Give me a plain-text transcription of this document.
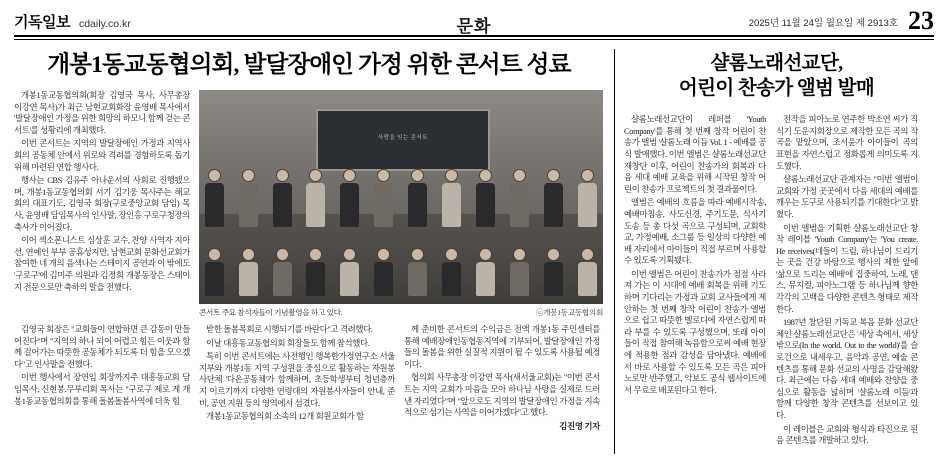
기독일보 cdaily.co.kr	문화	2025년 11월 24일 월요일 제 2913호 23
개봉1동교동협의회, 발달장애인 가정 위한 콘서트 성료

개봉1동교동협의회(회장 김영국 목사, 사무총장 이강연 목사)가 최근 남현교회화장 윤영배 목사에서 '발달장애인 가정을 위한 희망의 하모니 함께 걷는 콘서트'를 성황리에 개최했다.

이번 콘서트는 지역의 발달장애인 가정과 지역사회의 공동체 안에서 위로와 격려를 경험하도록 돕기 위해 마련된 연합 행사다.

행사는 CBS 김유주 아나운서의 사회로 진행됐으며, 개봉1동교동협의회 서기 김기웅 목사주는 해교회의 대표기도, 김영국 회장(구로중앙교회 담임) 목사, 윤영배 담임목사의 인사말, 장인홍 구로구청장의 축사가 이어졌다.

이어 섹소폰니스트 심상훈 교수, 찬양 사역자 지아선, 연예인 부부 공휴성지만, 남현교회 문화선교회가 참여한 네 개의 음색나는 스테이지 공연과 이 밖에도 '구로구'에 김미주 의원과 김정희 개봉동장은 스태이지 전문으로만 축하의 말을 전했다.

사랑을 잇는 콘서트
콘서트 주요 참석자들이 기념촬영을 하고 있다.	ⓒ개봉1동교동협의회

김영국 회장은 "교회들이 연합하면 큰 감동이 만들어진다"며 "지역의 하나 되어 어렵고 힘든 이웃과 함께 걸어가는 따뜻한 공동체가 되도록 더 힘을 모으겠다"고 인사말을 전했다.

이번 행사에서 장연임 회장까지주 대흥동교회 담임목사, 신현봉.무부리회 목사는 "구로구 제로 게 개봉1동교동협의회를 통해 돌봄돌봄사역에 더욱 힘

받한 돌봄목회로 시행되기를 바란다"고 격려했다.

이날 대흥동교동협의회 회장들도 함께 참석했다.

특히 이번 콘서트에는 사전행인 행복한가정연구소 서울지부와 개봉1동 지역 구성원을 중심으로 활동하는 자원봉사단체 '다온공동체'가 함께하며, 초등학생부터 청년층까지 이르기까지 다양한 연령대의 자원봉사자들이 안내, 준비, 공연 지원 등의 영역에서 섬겼다.

개봉1동교동협의회 소속의 12개 회원교회가 함

께 준비한 콘서트의 수익금은 전액 개봉1동 주민센터를 통해 예배장애인동협동지역에 기부되어, 발달장애인 가정들의 돌봄을 위한 실질적 지원이 될 수 있도록 사용될 예정이다.

협의회 사무총장 이강연 목사(새서울교회)는 "이번 콘서트는 지역 교회가 마음을 모아 하나님 사랑을 실제로 드러낸 자리였다"며 "앞으로도 지역의 발달장애인 가정을 지속적으로 섬기는 사역을 이어가겠다"고 했다.

김진영 기자
샬롬노래선교단,
어린이 찬송가 앨범 발매

샬롬노래선교단이 레퍼블 'Youth Company'를 통해 첫 번째 창작 어린이 찬송가 앨범 '샬롬노래 이듬 Vol. 1 - 예배를 공식 발매했다. 이번 앨범은 샬롬노래선교단 재창단 이후, 어린이 찬송가의 회복과 다음 세대 예배 교육을 위해 시작된 창작 어린이 찬송가 프로젝트의 첫 결과물이다.

앨범은 예배의 흐름을 따라 예배시작송, 예배마침송, 사도신경, 주기도문, 식사기도송 등 총 다섯 곡으로 구성되며, 교회학교, 가정예배, 소그룹 등 일상의 다양한 예배 자리에서 아이들이 직접 부르며 사용할 수 있도록 기획됐다.

이번 앨범은 어린이 찬송가가 점점 사라져 가는 이 시대에 예배 회복을 위해 기도하며 기다리는 가정과 교회 교사들에게 제안하는 첫 번째 창작 어린이 찬송가 앨범으로 쉽고 따뜻한 멜로디에 자연스럽게 따라 부를 수 있도록 구성했으며, 또래 아이들이 직접 참여해 녹음함으로써 예배 현장에 적용한 점과 감성을 담아냈다. 예배에서 바로 사용할 수 있도록 모든 곡은 피아노로만 반주했고, 악보도 공식 웹사이트에서 무료로 배포된다고 한다.

전작을 피아노로 연주한 박소연 씨가 직식기 도운지회장으로 제작한 모든 곡의 작곡을 맡았으며, 조서윤가 아이들이 곡의 표현을 자연스럽고 정화롭게 의미도록 지도했다.

샬롬노래선교단 관계자는 "이번 앨범이 교회와 가정 곳곳에서 다음 세대의 예배를 깨우는 도구로 사용되기를 기대한다"고 밝혔다.

이번 앨범을 기획한 샬롬노래선교단 창작 레이블 'Youth Company'는 'You create. He receives(네들이 드림, 하나님이 드리기는 곳을 건강 바탕으로 행사의 제한 앞에 '삶으로 드리는 예배'에 집중하여, 노래, 댄스, 뮤지컬, 피아노그램 등 하나님께 향한 각각의 고백을 다양한 콘텐츠 형태로 제작한다.

1987년 창단된 기독교 복음 문화 선교단체인 샬롬노래선교단은 '세상 속에서, 세상 밖으로(In the world. Out to the world)'를 슬로건으로 내세우고, 음악과 공연, 예술 콘텐츠를 통해 문화 선교의 사명을 감당해왔다. 최근에는 다음 세대 예배와 찬양을 중심으로 활동을 넓히며 '샬롬노래 이듬'과 함께 다양한 창작 콘텐츠를 선보이고 있다.

이 레이블은 교회와 형식과 타진으로 된 음 콘텐츠를 개발하고 있다.
